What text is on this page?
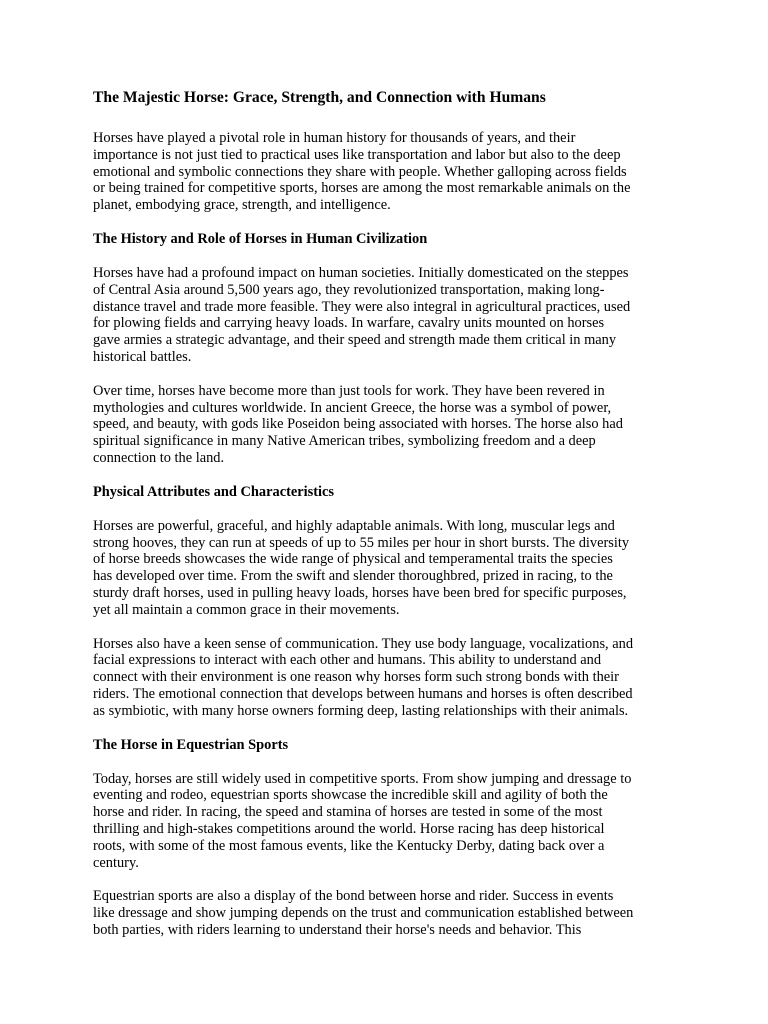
The Majestic Horse: Grace, Strength, and Connection with Humans
Horses have played a pivotal role in human history for thousands of years, and their
importance is not just tied to practical uses like transportation and labor but also to the deep
emotional and symbolic connections they share with people. Whether galloping across fields
or being trained for competitive sports, horses are among the most remarkable animals on the
planet, embodying grace, strength, and intelligence.
The History and Role of Horses in Human Civilization
Horses have had a profound impact on human societies. Initially domesticated on the steppes
of Central Asia around 5,500 years ago, they revolutionized transportation, making long-
distance travel and trade more feasible. They were also integral in agricultural practices, used
for plowing fields and carrying heavy loads. In warfare, cavalry units mounted on horses
gave armies a strategic advantage, and their speed and strength made them critical in many
historical battles.
Over time, horses have become more than just tools for work. They have been revered in
mythologies and cultures worldwide. In ancient Greece, the horse was a symbol of power,
speed, and beauty, with gods like Poseidon being associated with horses. The horse also had
spiritual significance in many Native American tribes, symbolizing freedom and a deep
connection to the land.
Physical Attributes and Characteristics
Horses are powerful, graceful, and highly adaptable animals. With long, muscular legs and
strong hooves, they can run at speeds of up to 55 miles per hour in short bursts. The diversity
of horse breeds showcases the wide range of physical and temperamental traits the species
has developed over time. From the swift and slender thoroughbred, prized in racing, to the
sturdy draft horses, used in pulling heavy loads, horses have been bred for specific purposes,
yet all maintain a common grace in their movements.
Horses also have a keen sense of communication. They use body language, vocalizations, and
facial expressions to interact with each other and humans. This ability to understand and
connect with their environment is one reason why horses form such strong bonds with their
riders. The emotional connection that develops between humans and horses is often described
as symbiotic, with many horse owners forming deep, lasting relationships with their animals.
The Horse in Equestrian Sports
Today, horses are still widely used in competitive sports. From show jumping and dressage to
eventing and rodeo, equestrian sports showcase the incredible skill and agility of both the
horse and rider. In racing, the speed and stamina of horses are tested in some of the most
thrilling and high-stakes competitions around the world. Horse racing has deep historical
roots, with some of the most famous events, like the Kentucky Derby, dating back over a
century.
Equestrian sports are also a display of the bond between horse and rider. Success in events
like dressage and show jumping depends on the trust and communication established between
both parties, with riders learning to understand their horse's needs and behavior. This
